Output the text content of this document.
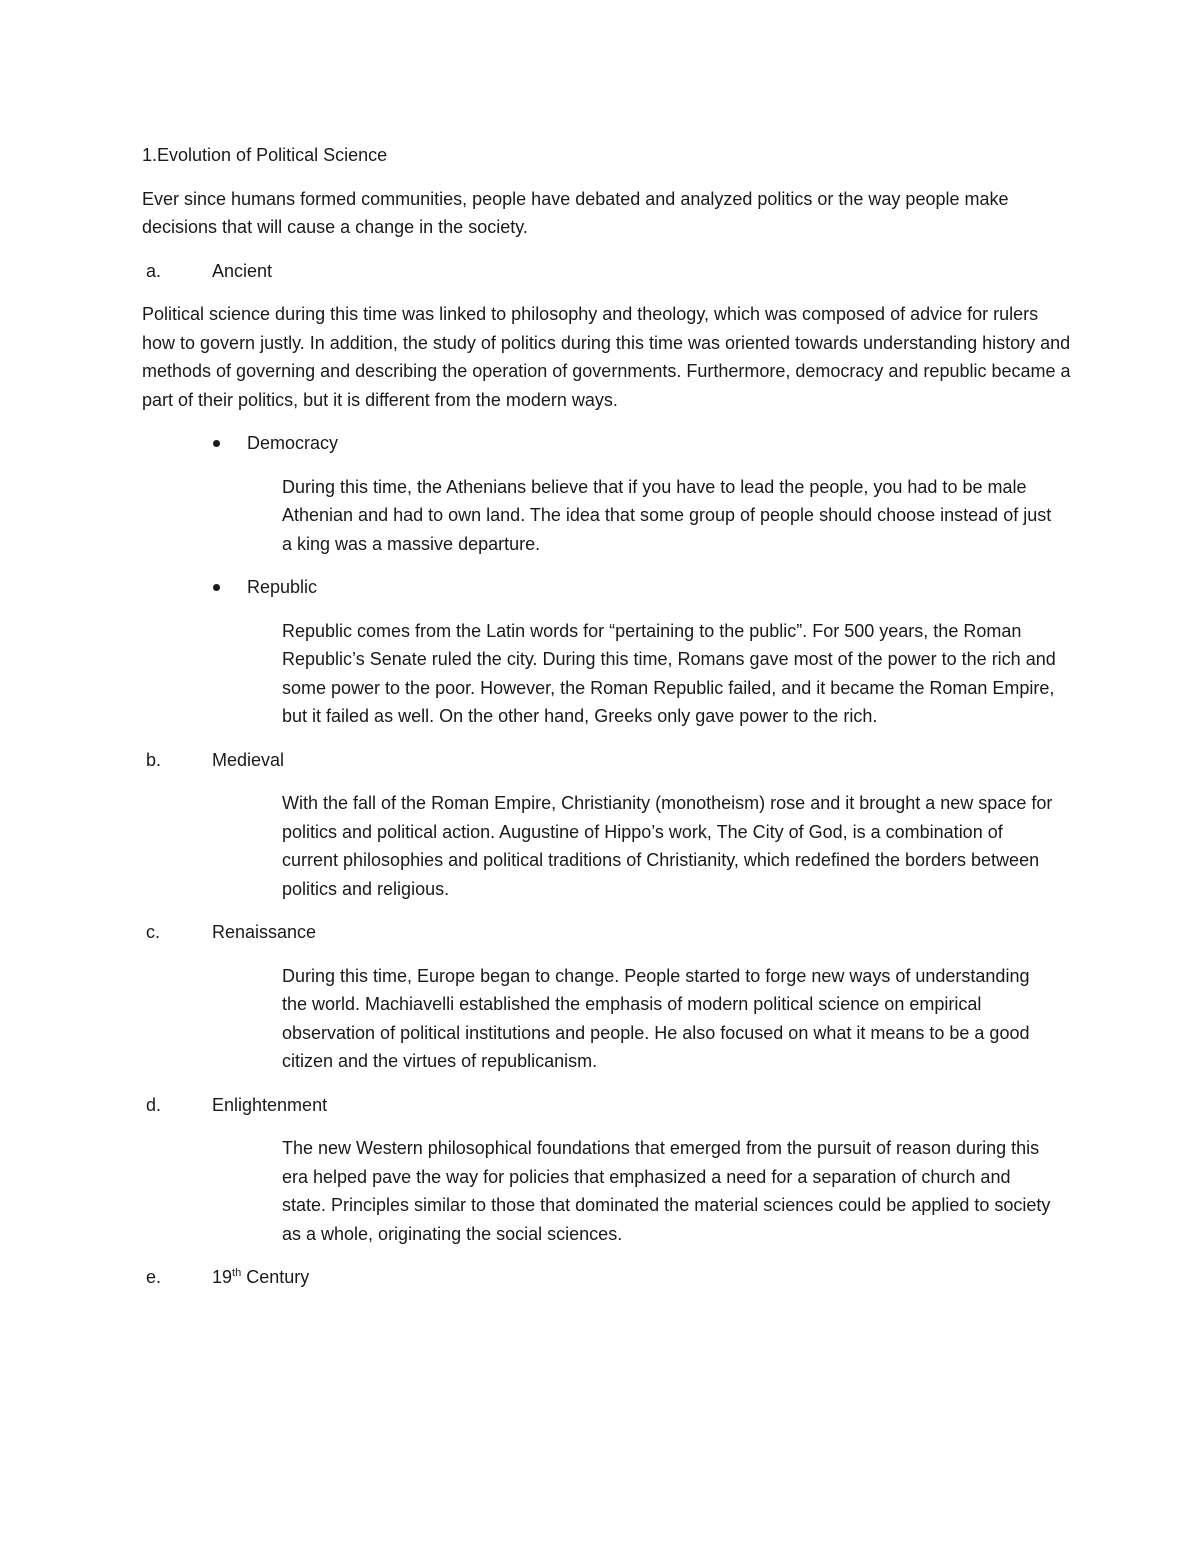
1.Evolution of Political Science

Ever since humans formed communities, people have debated and analyzed politics or the way people make decisions that will cause a change in the society.

a.	Ancient

Political science during this time was linked to philosophy and theology, which was composed of advice for rulers how to govern justly. In addition, the study of politics during this time was oriented towards understanding history and methods of governing and describing the operation of governments. Furthermore, democracy and republic became a part of their politics, but it is different from the modern ways.

Democracy

During this time, the Athenians believe that if you have to lead the people, you had to be male Athenian and had to own land. The idea that some group of people should choose instead of just a king was a massive departure.

Republic

Republic comes from the Latin words for “pertaining to the public”. For 500 years, the Roman Republic’s Senate ruled the city. During this time, Romans gave most of the power to the rich and some power to the poor. However, the Roman Republic failed, and it became the Roman Empire, but it failed as well. On the other hand, Greeks only gave power to the rich.

b.	Medieval

With the fall of the Roman Empire, Christianity (monotheism) rose and it brought a new space for politics and political action. Augustine of Hippo’s work, The City of God, is a combination of current philosophies and political traditions of Christianity, which redefined the borders between politics and religious.

c.	Renaissance

During this time, Europe began to change. People started to forge new ways of understanding the world. Machiavelli established the emphasis of modern political science on empirical observation of political institutions and people. He also focused on what it means to be a good citizen and the virtues of republicanism.

d.	Enlightenment

The new Western philosophical foundations that emerged from the pursuit of reason during this era helped pave the way for policies that emphasized a need for a separation of church and state. Principles similar to those that dominated the material sciences could be applied to society as a whole, originating the social sciences.

e.	19th Century
